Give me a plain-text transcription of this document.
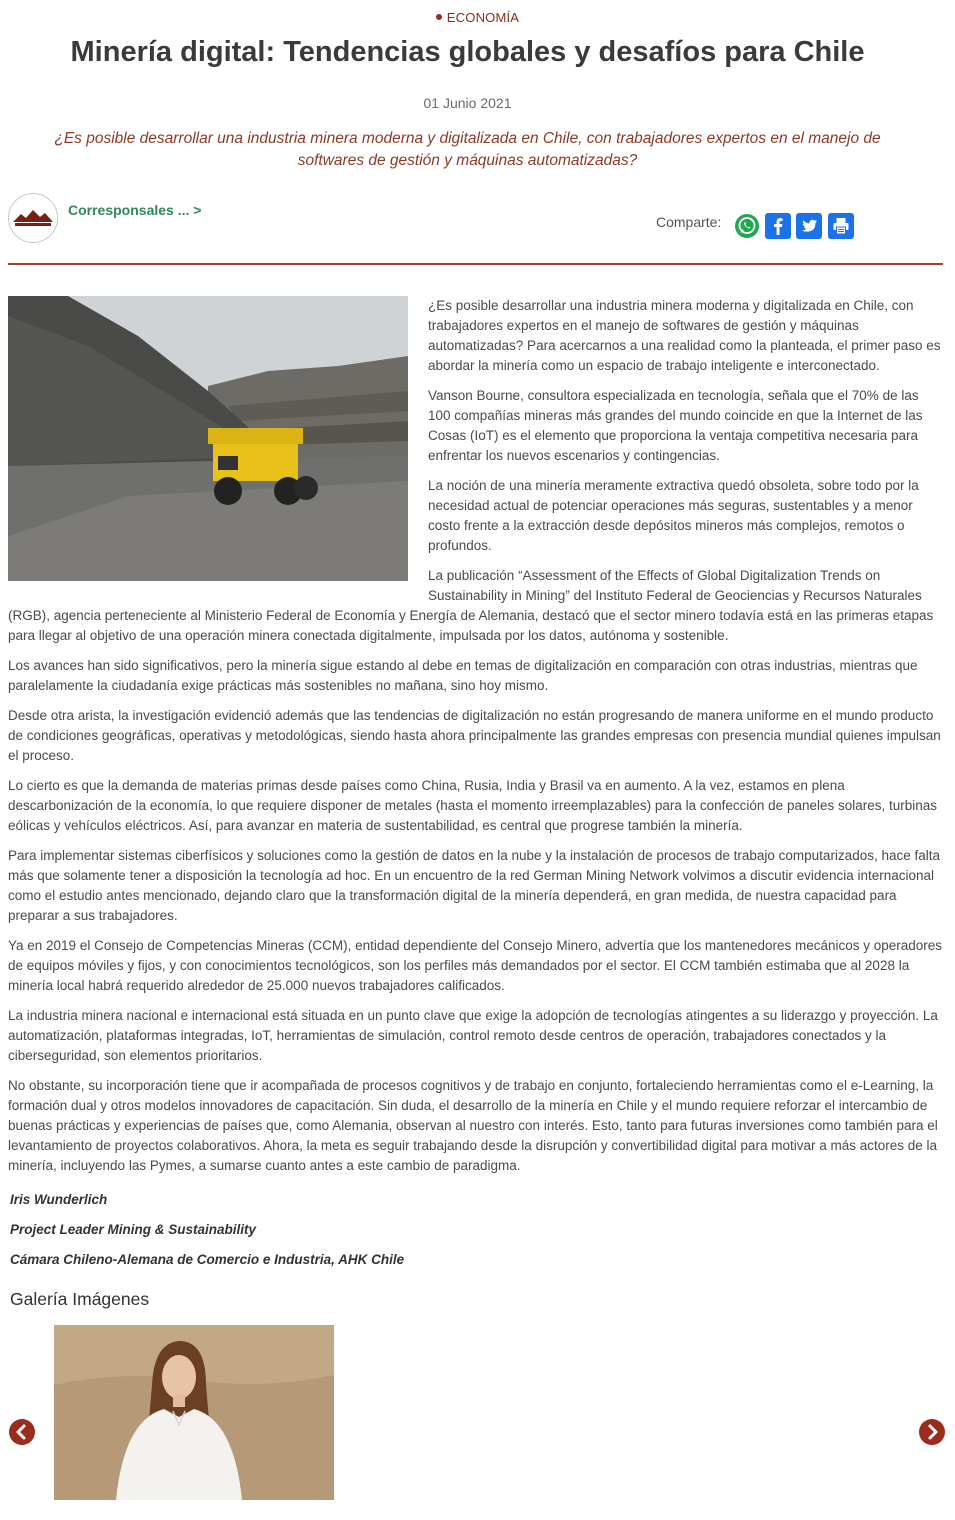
ECONOMÍA
Minería digital: Tendencias globales y desafíos para Chile
01 Junio 2021
¿Es posible desarrollar una industria minera moderna y digitalizada en Chile, con trabajadores expertos en el manejo de softwares de gestión y máquinas automatizadas?
Corresponsales ... >
Comparte:

¿Es posible desarrollar una industria minera moderna y digitalizada en Chile, con trabajadores expertos en el manejo de softwares de gestión y máquinas automatizadas? Para acercarnos a una realidad como la planteada, el primer paso es abordar la minería como un espacio de trabajo inteligente e interconectado.

Vanson Bourne, consultora especializada en tecnología, señala que el 70% de las 100 compañías mineras más grandes del mundo coincide en que la Internet de las Cosas (IoT) es el elemento que proporciona la ventaja competitiva necesaria para enfrentar los nuevos escenarios y contingencias.

La noción de una minería meramente extractiva quedó obsoleta, sobre todo por la necesidad actual de potenciar operaciones más seguras, sustentables y a menor costo frente a la extracción desde depósitos mineros más complejos, remotos o profundos.

La publicación “Assessment of the Effects of Global Digitalization Trends on Sustainability in Mining” del Instituto Federal de Geociencias y Recursos Naturales (RGB), agencia perteneciente al Ministerio Federal de Economía y Energía de Alemania, destacó que el sector minero todavía está en las primeras etapas para llegar al objetivo de una operación minera conectada digitalmente, impulsada por los datos, autónoma y sostenible.

Los avances han sido significativos, pero la minería sigue estando al debe en temas de digitalización en comparación con otras industrias, mientras que paralelamente la ciudadanía exige prácticas más sostenibles no mañana, sino hoy mismo.

Desde otra arista, la investigación evidenció además que las tendencias de digitalización no están progresando de manera uniforme en el mundo producto de condiciones geográficas, operativas y metodológicas, siendo hasta ahora principalmente las grandes empresas con presencia mundial quienes impulsan el proceso.

Lo cierto es que la demanda de materias primas desde países como China, Rusia, India y Brasil va en aumento. A la vez, estamos en plena descarbonización de la economía, lo que requiere disponer de metales (hasta el momento irreemplazables) para la confección de paneles solares, turbinas eólicas y vehículos eléctricos. Así, para avanzar en materia de sustentabilidad, es central que progrese también la minería.

Para implementar sistemas ciberfísicos y soluciones como la gestión de datos en la nube y la instalación de procesos de trabajo computarizados, hace falta más que solamente tener a disposición la tecnología ad hoc. En un encuentro de la red German Mining Network volvimos a discutir evidencia internacional como el estudio antes mencionado, dejando claro que la transformación digital de la minería dependerá, en gran medida, de nuestra capacidad para preparar a sus trabajadores.

Ya en 2019 el Consejo de Competencias Mineras (CCM), entidad dependiente del Consejo Minero, advertía que los mantenedores mecánicos y operadores de equipos móviles y fijos, y con conocimientos tecnológicos, son los perfiles más demandados por el sector. El CCM también estimaba que al 2028 la minería local habrá requerido alrededor de 25.000 nuevos trabajadores calificados.

La industria minera nacional e internacional está situada en un punto clave que exige la adopción de tecnologías atingentes a su liderazgo y proyección. La automatización, plataformas integradas, IoT, herramientas de simulación, control remoto desde centros de operación, trabajadores conectados y la ciberseguridad, son elementos prioritarios.

No obstante, su incorporación tiene que ir acompañada de procesos cognitivos y de trabajo en conjunto, fortaleciendo herramientas como el e-Learning, la formación dual y otros modelos innovadores de capacitación. Sin duda, el desarrollo de la minería en Chile y el mundo requiere reforzar el intercambio de buenas prácticas y experiencias de países que, como Alemania, observan al nuestro con interés. Esto, tanto para futuras inversiones como también para el levantamiento de proyectos colaborativos. Ahora, la meta es seguir trabajando desde la disrupción y convertibilidad digital para motivar a más actores de la minería, incluyendo las Pymes, a sumarse cuanto antes a este cambio de paradigma.

Iris Wunderlich

Project Leader Mining & Sustainability

Cámara Chileno-Alemana de Comercio e Industria, AHK Chile

Galería Imágenes
